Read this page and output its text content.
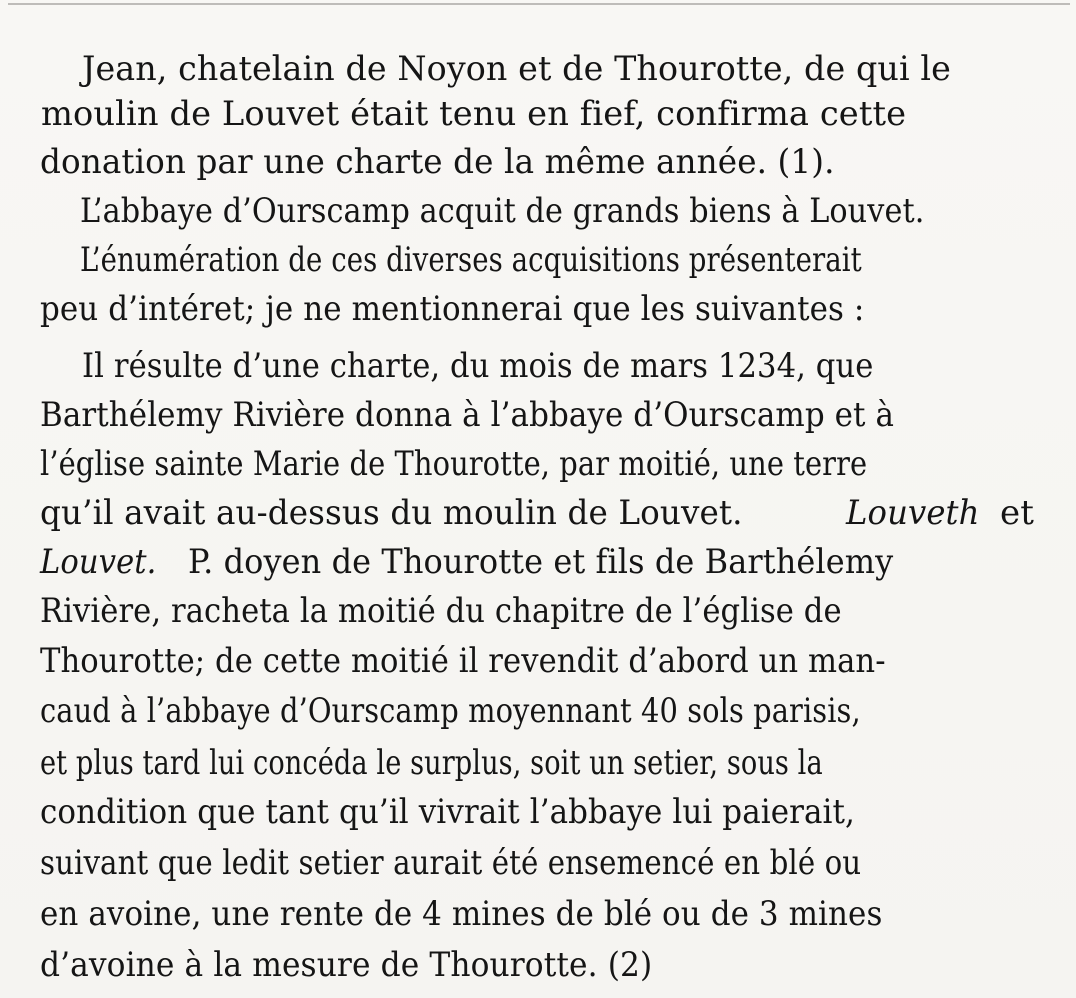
Jean, chatelain de Noyon et de Thourotte, de qui le
moulin de Louvet était tenu en fief, confirma cette
donation par une charte de la même année. (1).
L’abbaye d’Ourscamp acquit de grands biens à Louvet.
L’énumération de ces diverses acquisitions présenterait
peu d’intéret; je ne mentionnerai que les suivantes :
Il résulte d’une charte, du mois de mars 1234, que
Barthélemy Rivière donna à l’abbaye d’Ourscamp et à
l’église sainte Marie de Thourotte, par moitié, une terre
qu’il avait au-dessus du moulin de Louvet.	Louveth et
Louvet. P. doyen de Thourotte et fils de Barthélemy
Rivière, racheta la moitié du chapitre de l’église de
Thourotte; de cette moitié il revendit d’abord un man-
caud à l’abbaye d’Ourscamp moyennant 40 sols parisis,
et plus tard lui concéda le surplus, soit un setier, sous la
condition que tant qu’il vivrait l’abbaye lui paierait,
suivant que ledit setier aurait été ensemencé en blé ou
en avoine, une rente de 4 mines de blé ou de 3 mines
d’avoine à la mesure de Thourotte. (2)
